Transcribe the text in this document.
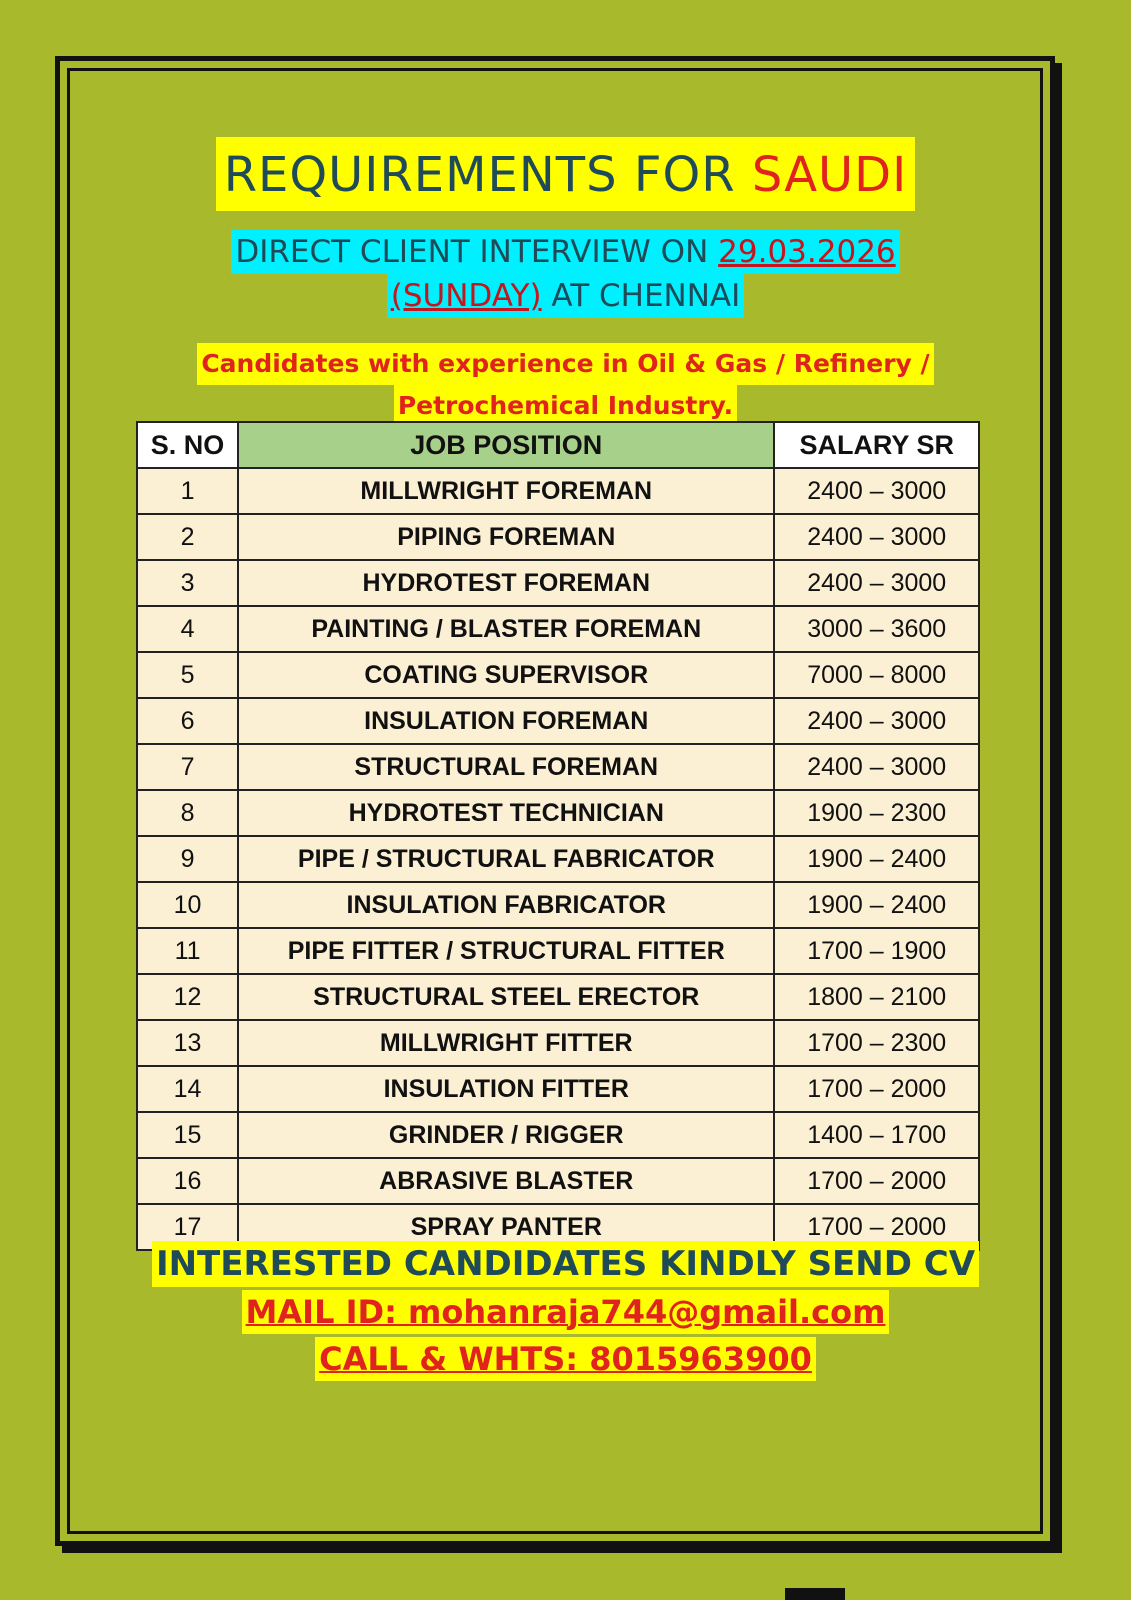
REQUIREMENTS FOR SAUDI
DIRECT CLIENT INTERVIEW ON 29.03.2026
(SUNDAY) AT CHENNAI
Candidates with experience in Oil & Gas / Refinery /
Petrochemical Industry.
S. NO	JOB POSITION	SALARY SR
1	MILLWRIGHT FOREMAN	2400 – 3000
2	PIPING FOREMAN	2400 – 3000
3	HYDROTEST FOREMAN	2400 – 3000
4	PAINTING / BLASTER FOREMAN	3000 – 3600
5	COATING SUPERVISOR	7000 – 8000
6	INSULATION FOREMAN	2400 – 3000
7	STRUCTURAL FOREMAN	2400 – 3000
8	HYDROTEST TECHNICIAN	1900 – 2300
9	PIPE / STRUCTURAL FABRICATOR	1900 – 2400
10	INSULATION FABRICATOR	1900 – 2400
11	PIPE FITTER / STRUCTURAL FITTER	1700 – 1900
12	STRUCTURAL STEEL ERECTOR	1800 – 2100
13	MILLWRIGHT FITTER	1700 – 2300
14	INSULATION FITTER	1700 – 2000
15	GRINDER / RIGGER	1400 – 1700
16	ABRASIVE BLASTER	1700 – 2000
17	SPRAY PANTER	1700 – 2000
INTERESTED CANDIDATES KINDLY SEND CV
MAIL ID: mohanraja744@gmail.com
CALL & WHTS: 8015963900
